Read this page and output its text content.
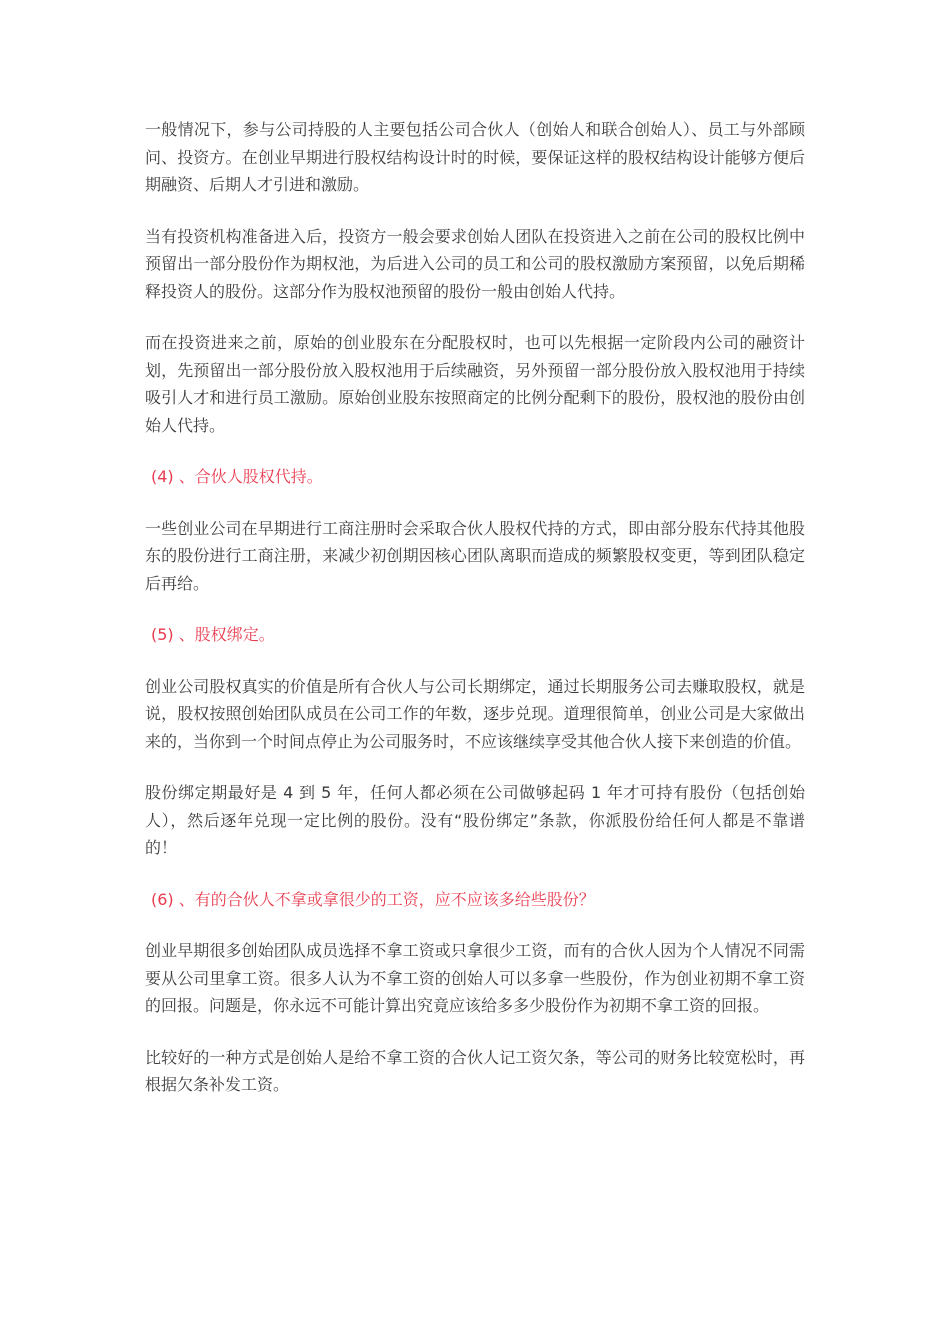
一般情况下，参与公司持股的人主要包括公司合伙人（创始人和联合创始人）、员工与外部顾问、投资方。在创业早期进行股权结构设计时的时候，要保证这样的股权结构设计能够方便后期融资、后期人才引进和激励。

当有投资机构准备进入后，投资方一般会要求创始人团队在投资进入之前在公司的股权比例中预留出一部分股份作为期权池，为后进入公司的员工和公司的股权激励方案预留，以免后期稀释投资人的股份。这部分作为股权池预留的股份一般由创始人代持。

而在投资进来之前，原始的创业股东在分配股权时，也可以先根据一定阶段内公司的融资计划，先预留出一部分股份放入股权池用于后续融资，另外预留一部分股份放入股权池用于持续吸引人才和进行员工激励。原始创业股东按照商定的比例分配剩下的股份，股权池的股份由创始人代持。

(4) 、合伙人股权代持。

一些创业公司在早期进行工商注册时会采取合伙人股权代持的方式，即由部分股东代持其他股东的股份进行工商注册，来减少初创期因核心团队离职而造成的频繁股权变更，等到团队稳定后再给。

(5) 、股权绑定。

创业公司股权真实的价值是所有合伙人与公司长期绑定，通过长期服务公司去赚取股权，就是说，股权按照创始团队成员在公司工作的年数，逐步兑现。道理很简单，创业公司是大家做出来的，当你到一个时间点停止为公司服务时，不应该继续享受其他合伙人接下来创造的价值。

股份绑定期最好是 4 到 5 年，任何人都必须在公司做够起码 1 年才可持有股份（包括创始人），然后逐年兑现一定比例的股份。没有“股份绑定”条款，你派股份给任何人都是不靠谱的！

(6) 、有的合伙人不拿或拿很少的工资，应不应该多给些股份？

创业早期很多创始团队成员选择不拿工资或只拿很少工资，而有的合伙人因为个人情况不同需要从公司里拿工资。很多人认为不拿工资的创始人可以多拿一些股份，作为创业初期不拿工资的回报。问题是，你永远不可能计算出究竟应该给多多少股份作为初期不拿工资的回报。

比较好的一种方式是创始人是给不拿工资的合伙人记工资欠条，等公司的财务比较宽松时，再根据欠条补发工资。
